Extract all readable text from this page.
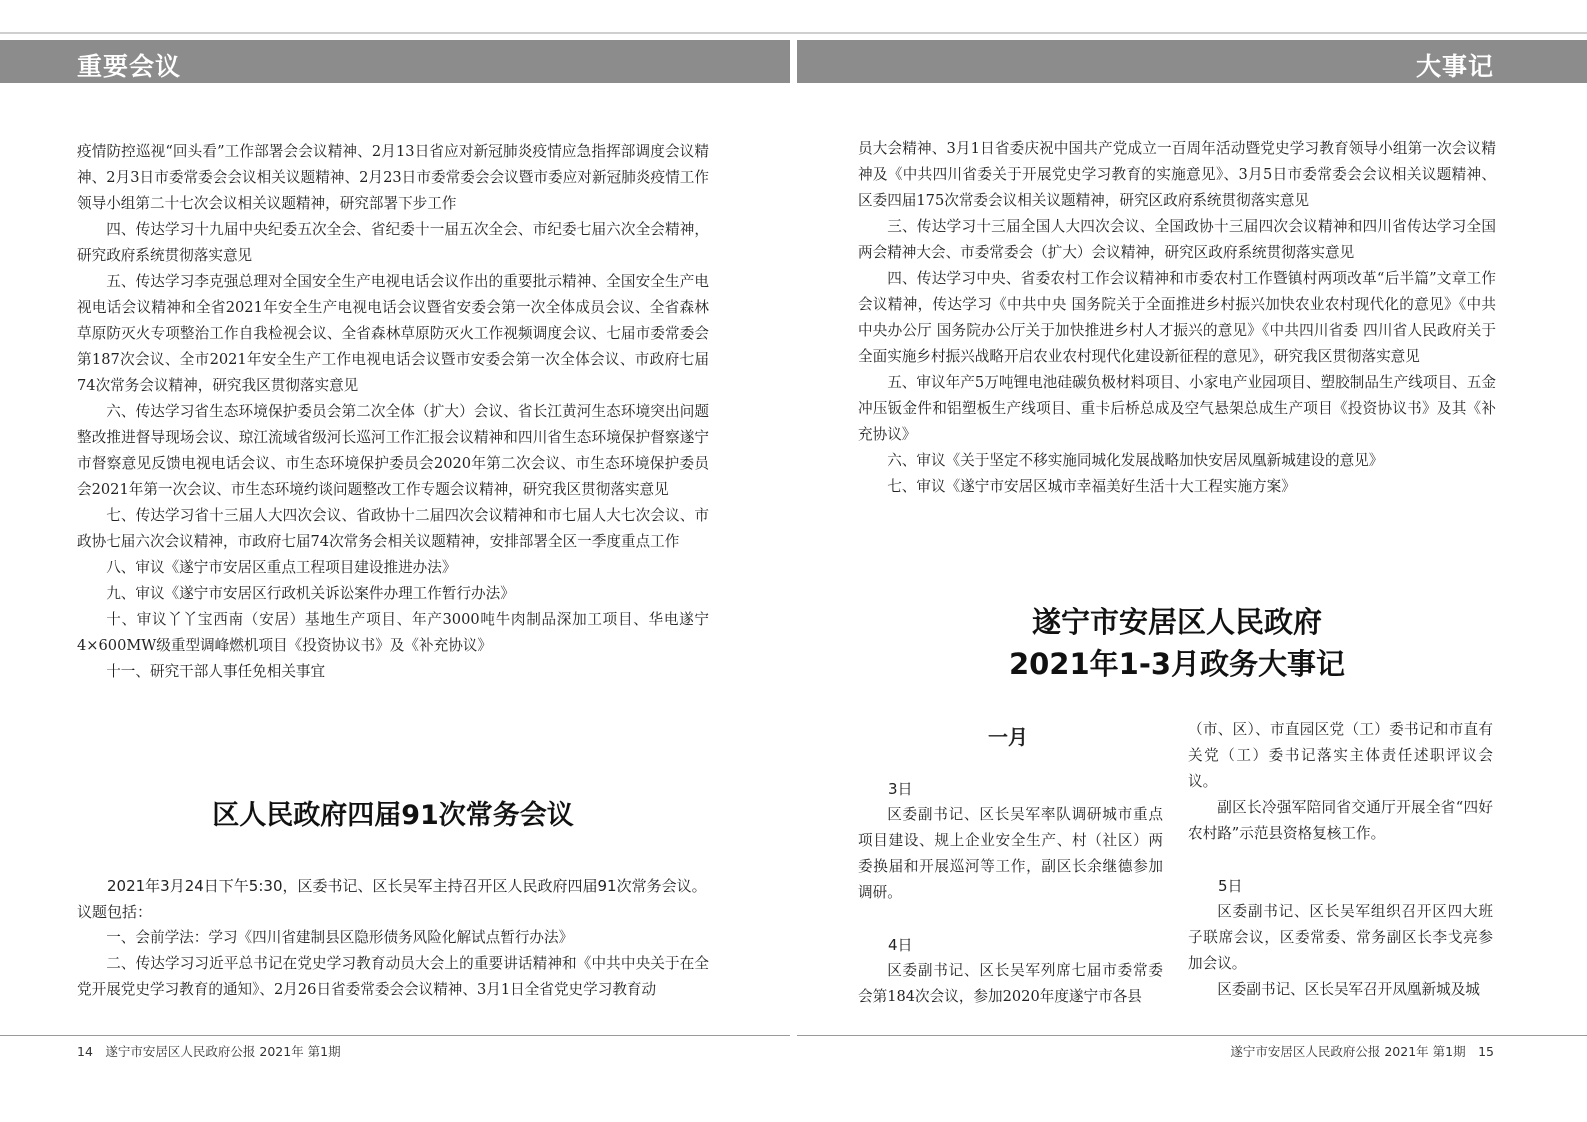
重要会议	大事记

疫情防控巡视“回头看”工作部署会会议精神、2月13日省应对新冠肺炎疫情应急指挥部调度会议精神、2月3日市委常委会会议相关议题精神、2月23日市委常委会会议暨市委应对新冠肺炎疫情工作领导小组第二十七次会议相关议题精神，研究部署下步工作

四、传达学习十九届中央纪委五次全会、省纪委十一届五次全会、市纪委七届六次全会精神，研究政府系统贯彻落实意见

五、传达学习李克强总理对全国安全生产电视电话会议作出的重要批示精神、全国安全生产电视电话会议精神和全省2021年安全生产电视电话会议暨省安委会第一次全体成员会议、全省森林草原防灭火专项整治工作自我检视会议、全省森林草原防灭火工作视频调度会议、七届市委常委会第187次会议、全市2021年安全生产工作电视电话会议暨市安委会第一次全体会议、市政府七届74次常务会议精神，研究我区贯彻落实意见

六、传达学习省生态环境保护委员会第二次全体（扩大）会议、省长江黄河生态环境突出问题整改推进督导现场会议、琼江流域省级河长巡河工作汇报会议精神和四川省生态环境保护督察遂宁市督察意见反馈电视电话会议、市生态环境保护委员会2020年第二次会议、市生态环境保护委员会2021年第一次会议、市生态环境约谈问题整改工作专题会议精神，研究我区贯彻落实意见

七、传达学习省十三届人大四次会议、省政协十二届四次会议精神和市七届人大七次会议、市政协七届六次会议精神，市政府七届74次常务会相关议题精神，安排部署全区一季度重点工作

八、审议《遂宁市安居区重点工程项目建设推进办法》

九、审议《遂宁市安居区行政机关诉讼案件办理工作暂行办法》

十、审议丫丫宝西南（安居）基地生产项目、年产3000吨牛肉制品深加工项目、华电遂宁4×600MW级重型调峰燃机项目《投资协议书》及《补充协议》

十一、研究干部人事任免相关事宜

区人民政府四届91次常务会议

2021年3月24日下午5:30，区委书记、区长吴军主持召开区人民政府四届91次常务会议。议题包括：

一、会前学法：学习《四川省建制县区隐形债务风险化解试点暂行办法》

二、传达学习习近平总书记在党史学习教育动员大会上的重要讲话精神和《中共中央关于在全党开展党史学习教育的通知》、2月26日省委常委会会议精神、3月1日全省党史学习教育动

员大会精神、3月1日省委庆祝中国共产党成立一百周年活动暨党史学习教育领导小组第一次会议精神及《中共四川省委关于开展党史学习教育的实施意见》、3月5日市委常委会会议相关议题精神、区委四届175次常委会议相关议题精神，研究区政府系统贯彻落实意见

三、传达学习十三届全国人大四次会议、全国政协十三届四次会议精神和四川省传达学习全国两会精神大会、市委常委会（扩大）会议精神，研究区政府系统贯彻落实意见

四、传达学习中央、省委农村工作会议精神和市委农村工作暨镇村两项改革“后半篇”文章工作会议精神，传达学习《中共中央 国务院关于全面推进乡村振兴加快农业农村现代化的意见》《中共中央办公厅 国务院办公厅关于加快推进乡村人才振兴的意见》《中共四川省委 四川省人民政府关于全面实施乡村振兴战略开启农业农村现代化建设新征程的意见》，研究我区贯彻落实意见

五、审议年产5万吨锂电池硅碳负极材料项目、小家电产业园项目、塑胶制品生产线项目、五金冲压钣金件和铝塑板生产线项目、重卡后桥总成及空气悬架总成生产项目《投资协议书》及其《补充协议》

六、审议《关于坚定不移实施同城化发展战略加快安居凤凰新城建设的意见》

七、审议《遂宁市安居区城市幸福美好生活十大工程实施方案》

遂宁市安居区人民政府
2021年1-3月政务大事记
一月

3日

区委副书记、区长吴军率队调研城市重点项目建设、规上企业安全生产、村（社区）两委换届和开展巡河等工作，副区长余继德参加调研。

4日

区委副书记、区长吴军列席七届市委常委会第184次会议，参加2020年度遂宁市各县

（市、区）、市直园区党（工）委书记和市直有关党（工）委书记落实主体责任述职评议会议。

副区长冷强军陪同省交通厅开展全省“四好农村路”示范县资格复核工作。

5日

区委副书记、区长吴军组织召开区四大班子联席会议，区委常委、常务副区长李戈亮参加会议。

区委副书记、区长吴军召开凤凰新城及城

14　遂宁市安居区人民政府公报 2021年 第1期	遂宁市安居区人民政府公报 2021年 第1期　15
